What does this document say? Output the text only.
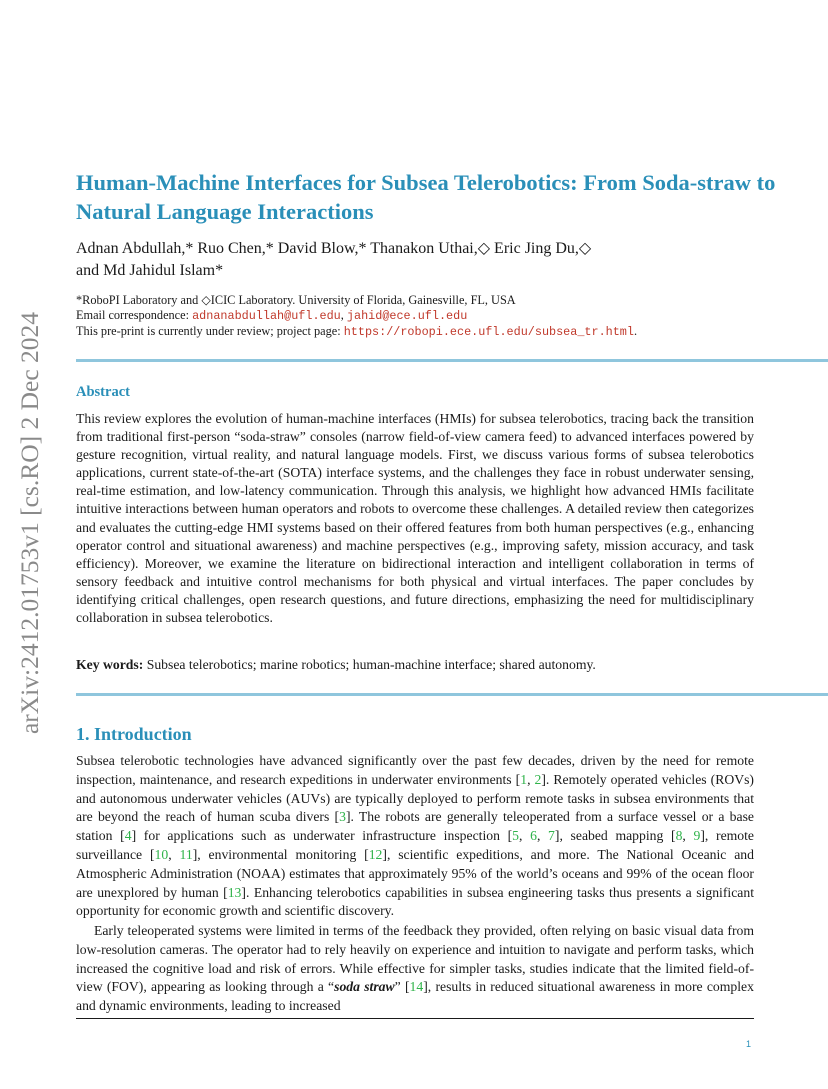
arXiv:2412.01753v1 [cs.RO] 2 Dec 2024
Human-Machine Interfaces for Subsea Telerobotics: From Soda-straw to Natural Language Interactions
Adnan Abdullah,* Ruo Chen,* David Blow,* Thanakon Uthai,◇ Eric Jing Du,◇
and Md Jahidul Islam*
*RoboPI Laboratory and ◇ICIC Laboratory. University of Florida, Gainesville, FL, USA
Email correspondence: adnanabdullah@ufl.edu, jahid@ece.ufl.edu
This pre-print is currently under review; project page: https://robopi.ece.ufl.edu/subsea_tr.html.
Abstract

This review explores the evolution of human-machine interfaces (HMIs) for subsea telerobotics, tracing back the transition from traditional first-person “soda-straw” consoles (narrow field-of-view camera feed) to advanced interfaces powered by gesture recognition, virtual reality, and natural language models. First, we discuss various forms of subsea telerobotics applications, current state-of-the-art (SOTA) interface systems, and the challenges they face in robust underwater sensing, real-time estimation, and low-latency communication. Through this analysis, we highlight how advanced HMIs facilitate intuitive interactions between human operators and robots to overcome these challenges. A detailed review then categorizes and evaluates the cutting-edge HMI systems based on their offered features from both human perspectives (e.g., enhancing operator control and situational awareness) and machine perspectives (e.g., improving safety, mission accuracy, and task efficiency). Moreover, we examine the literature on bidirectional interaction and intelligent collaboration in terms of sensory feedback and intuitive control mechanisms for both physical and virtual interfaces. The paper concludes by identifying critical challenges, open research questions, and future directions, emphasizing the need for multidisciplinary collaboration in subsea telerobotics.

Key words: Subsea telerobotics; marine robotics; human-machine interface; shared autonomy.

1. Introduction

Subsea telerobotic technologies have advanced significantly over the past few decades, driven by the need for remote inspection, maintenance, and research expeditions in underwater environments [1, 2]. Remotely operated vehicles (ROVs) and autonomous underwater vehicles (AUVs) are typically deployed to perform remote tasks in subsea environments that are beyond the reach of human scuba divers [3]. The robots are generally teleoperated from a surface vessel or a base station [4] for applications such as underwater infrastructure inspection [5, 6, 7], seabed mapping [8, 9], remote surveillance [10, 11], environmental monitoring [12], scientific expeditions, and more. The National Oceanic and Atmospheric Administration (NOAA) estimates that approximately 95% of the world’s oceans and 99% of the ocean floor are unexplored by human [13]. Enhancing telerobotics capabilities in subsea engineering tasks thus presents a significant opportunity for economic growth and scientific discovery.

Early teleoperated systems were limited in terms of the feedback they provided, often relying on basic visual data from low-resolution cameras. The operator had to rely heavily on experience and intuition to navigate and perform tasks, which increased the cognitive load and risk of errors. While effective for simpler tasks, studies indicate that the limited field-of-view (FOV), appearing as looking through a “soda straw” [14], results in reduced situational awareness in more complex and dynamic environments, leading to increased

1
